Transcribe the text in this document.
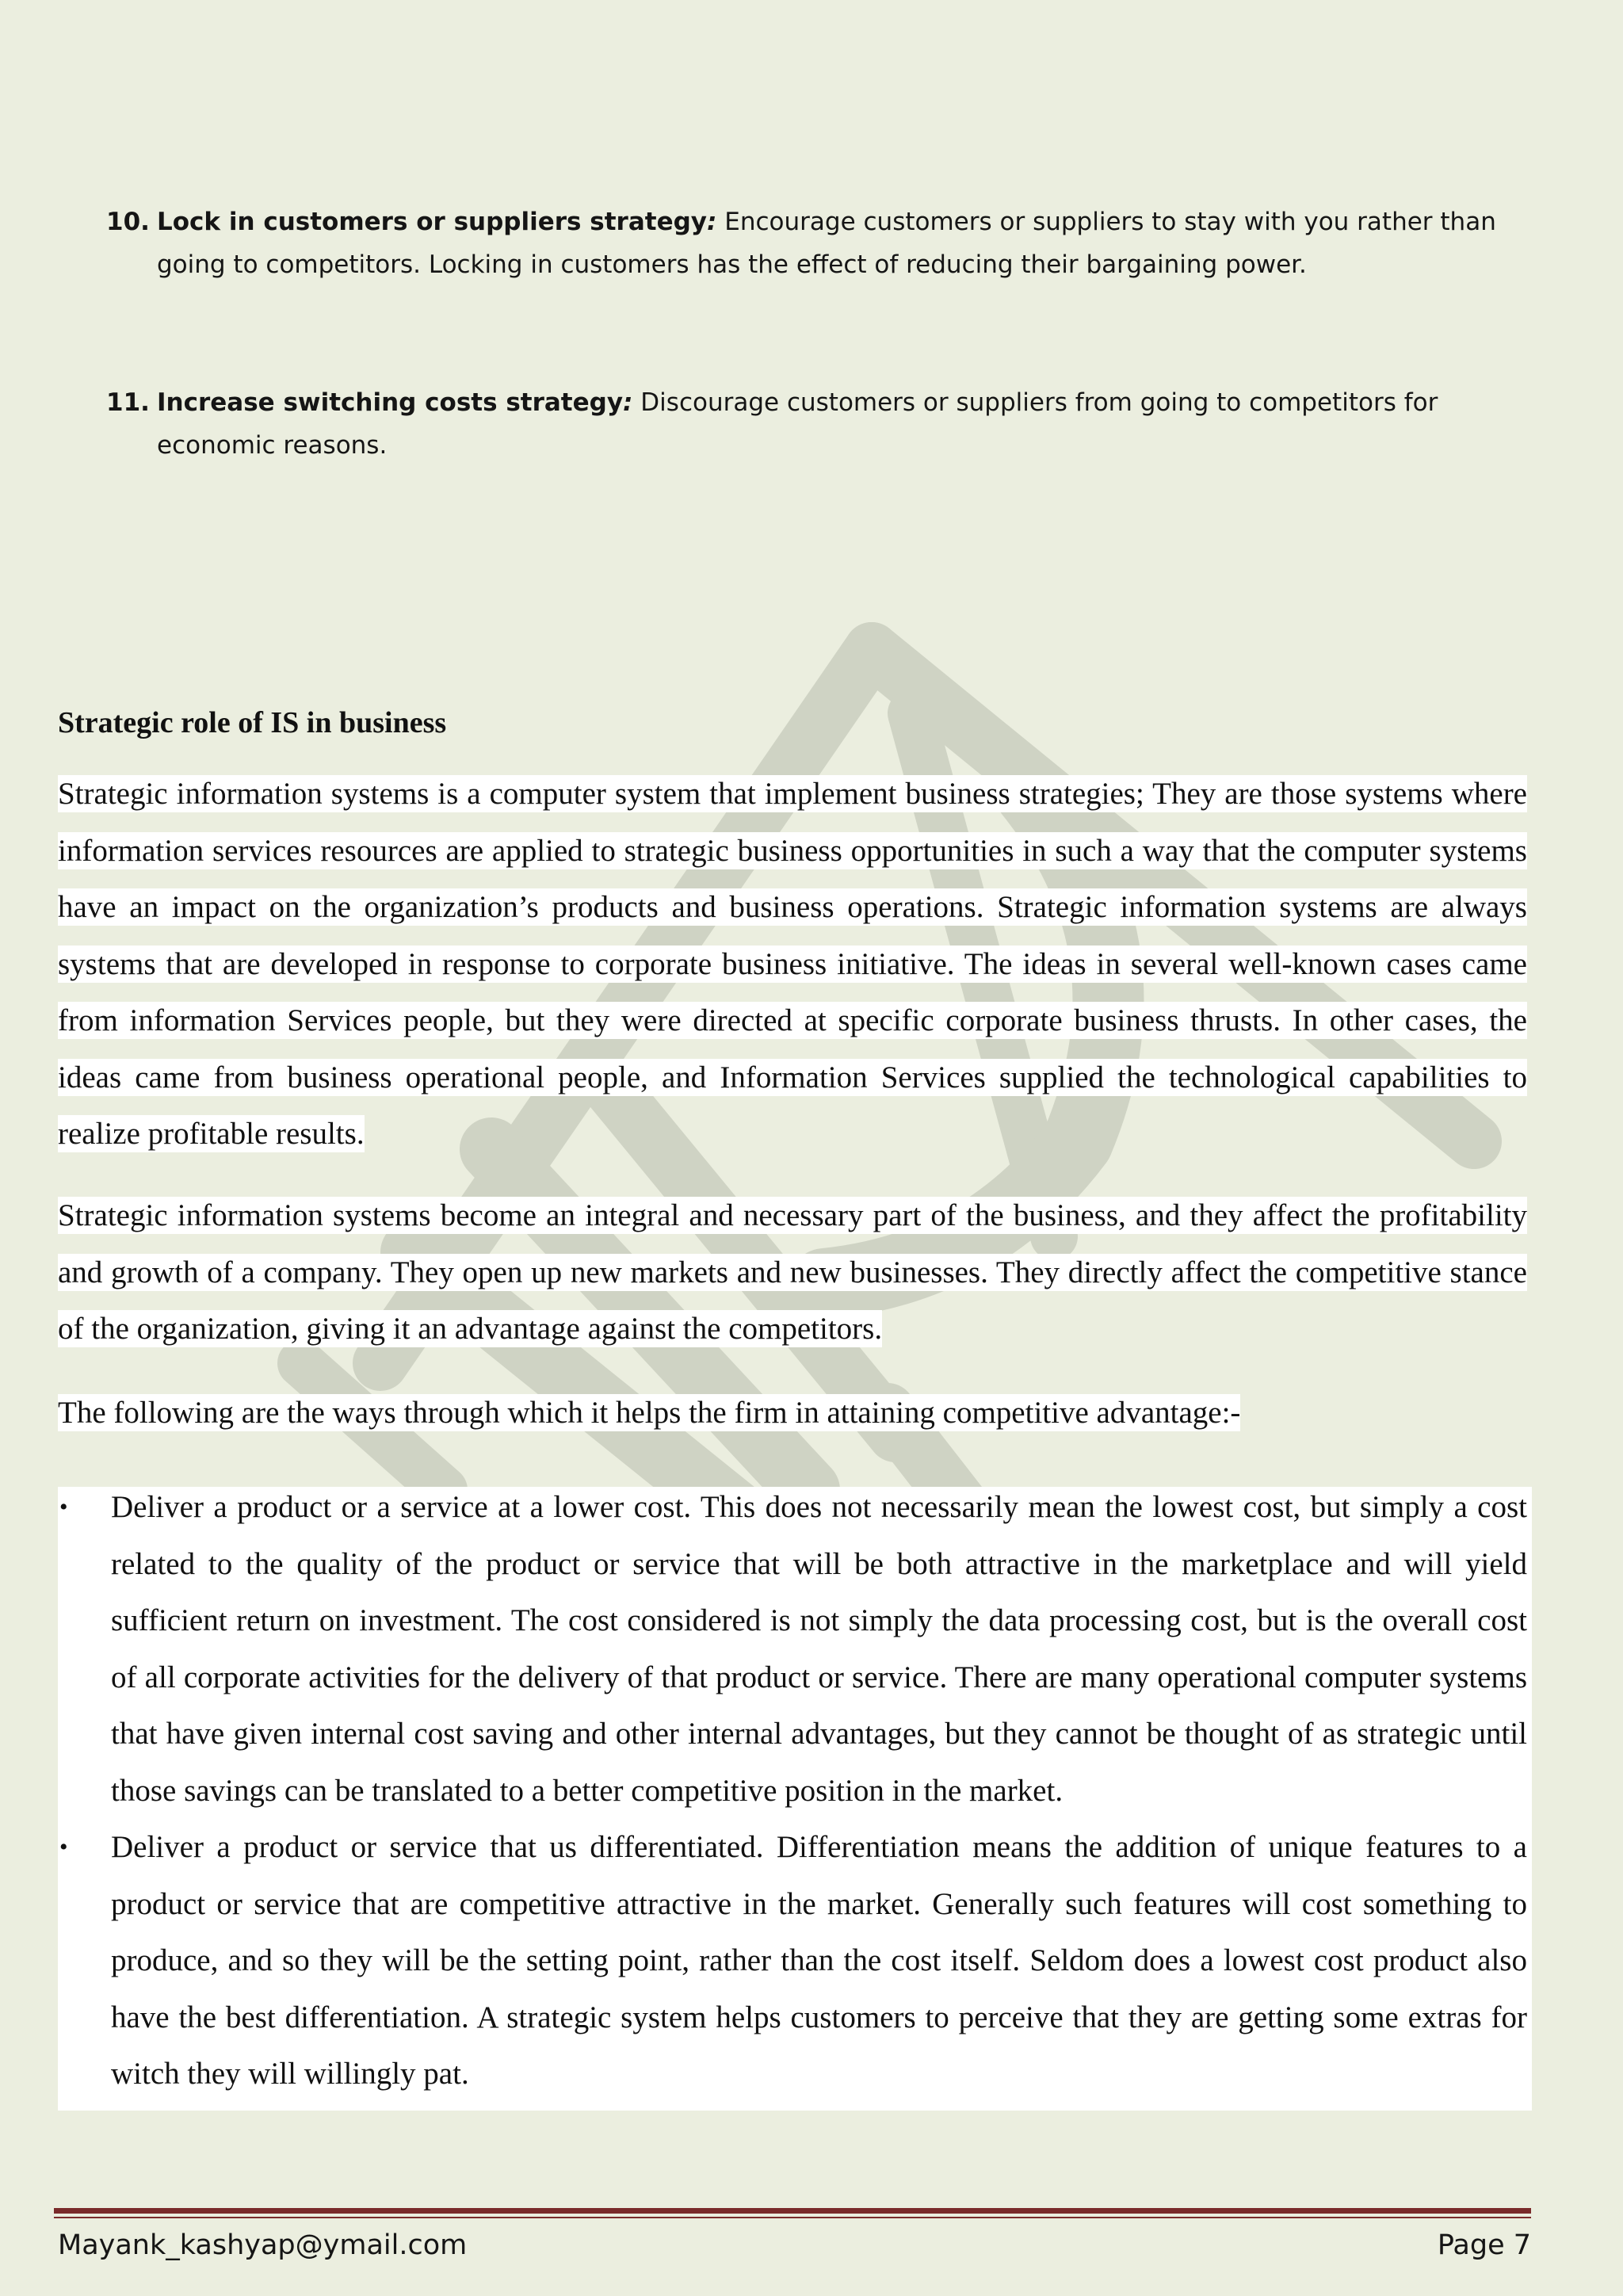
10. Lock in customers or suppliers strategy: Encourage customers or suppliers to stay with you rather than going to competitors. Locking in customers has the effect of reducing their bargaining power.
11. Increase switching costs strategy: Discourage customers or suppliers from going to competitors for economic reasons.
Strategic role of IS in business

Strategic information systems is a computer system that implement business strategies; They are those systems where information services resources are applied to strategic business opportunities in such a way that the computer systems have an impact on the organization’s products and business operations. Strategic information systems are always systems that are developed in response to corporate business initiative. The ideas in several well-known cases came from information Services people, but they were directed at specific corporate business thrusts. In other cases, the ideas came from business operational people, and Information Services supplied the technological capabilities to realize profitable results.

Strategic information systems become an integral and necessary part of the business, and they affect the profitability and growth of a company. They open up new markets and new businesses. They directly affect the competitive stance of the organization, giving it an advantage against the competitors.

The following are the ways through which it helps the firm in attaining competitive advantage:-

• Deliver a product or a service at a lower cost. This does not necessarily mean the lowest cost, but simply a cost related to the quality of the product or service that will be both attractive in the marketplace and will yield sufficient return on investment. The cost considered is not simply the data processing cost, but is the overall cost of all corporate activities for the delivery of that product or service. There are many operational computer systems that have given internal cost saving and other internal advantages, but they cannot be thought of as strategic until those savings can be translated to a better competitive position in the market.
• Deliver a product or service that us differentiated. Differentiation means the addition of unique features to a product or service that are competitive attractive in the market. Generally such features will cost something to produce, and so they will be the setting point, rather than the cost itself. Seldom does a lowest cost product also have the best differentiation. A strategic system helps customers to perceive that they are getting some extras for witch they will willingly pat.
Mayank_kashyap@ymail.com	Page 7
